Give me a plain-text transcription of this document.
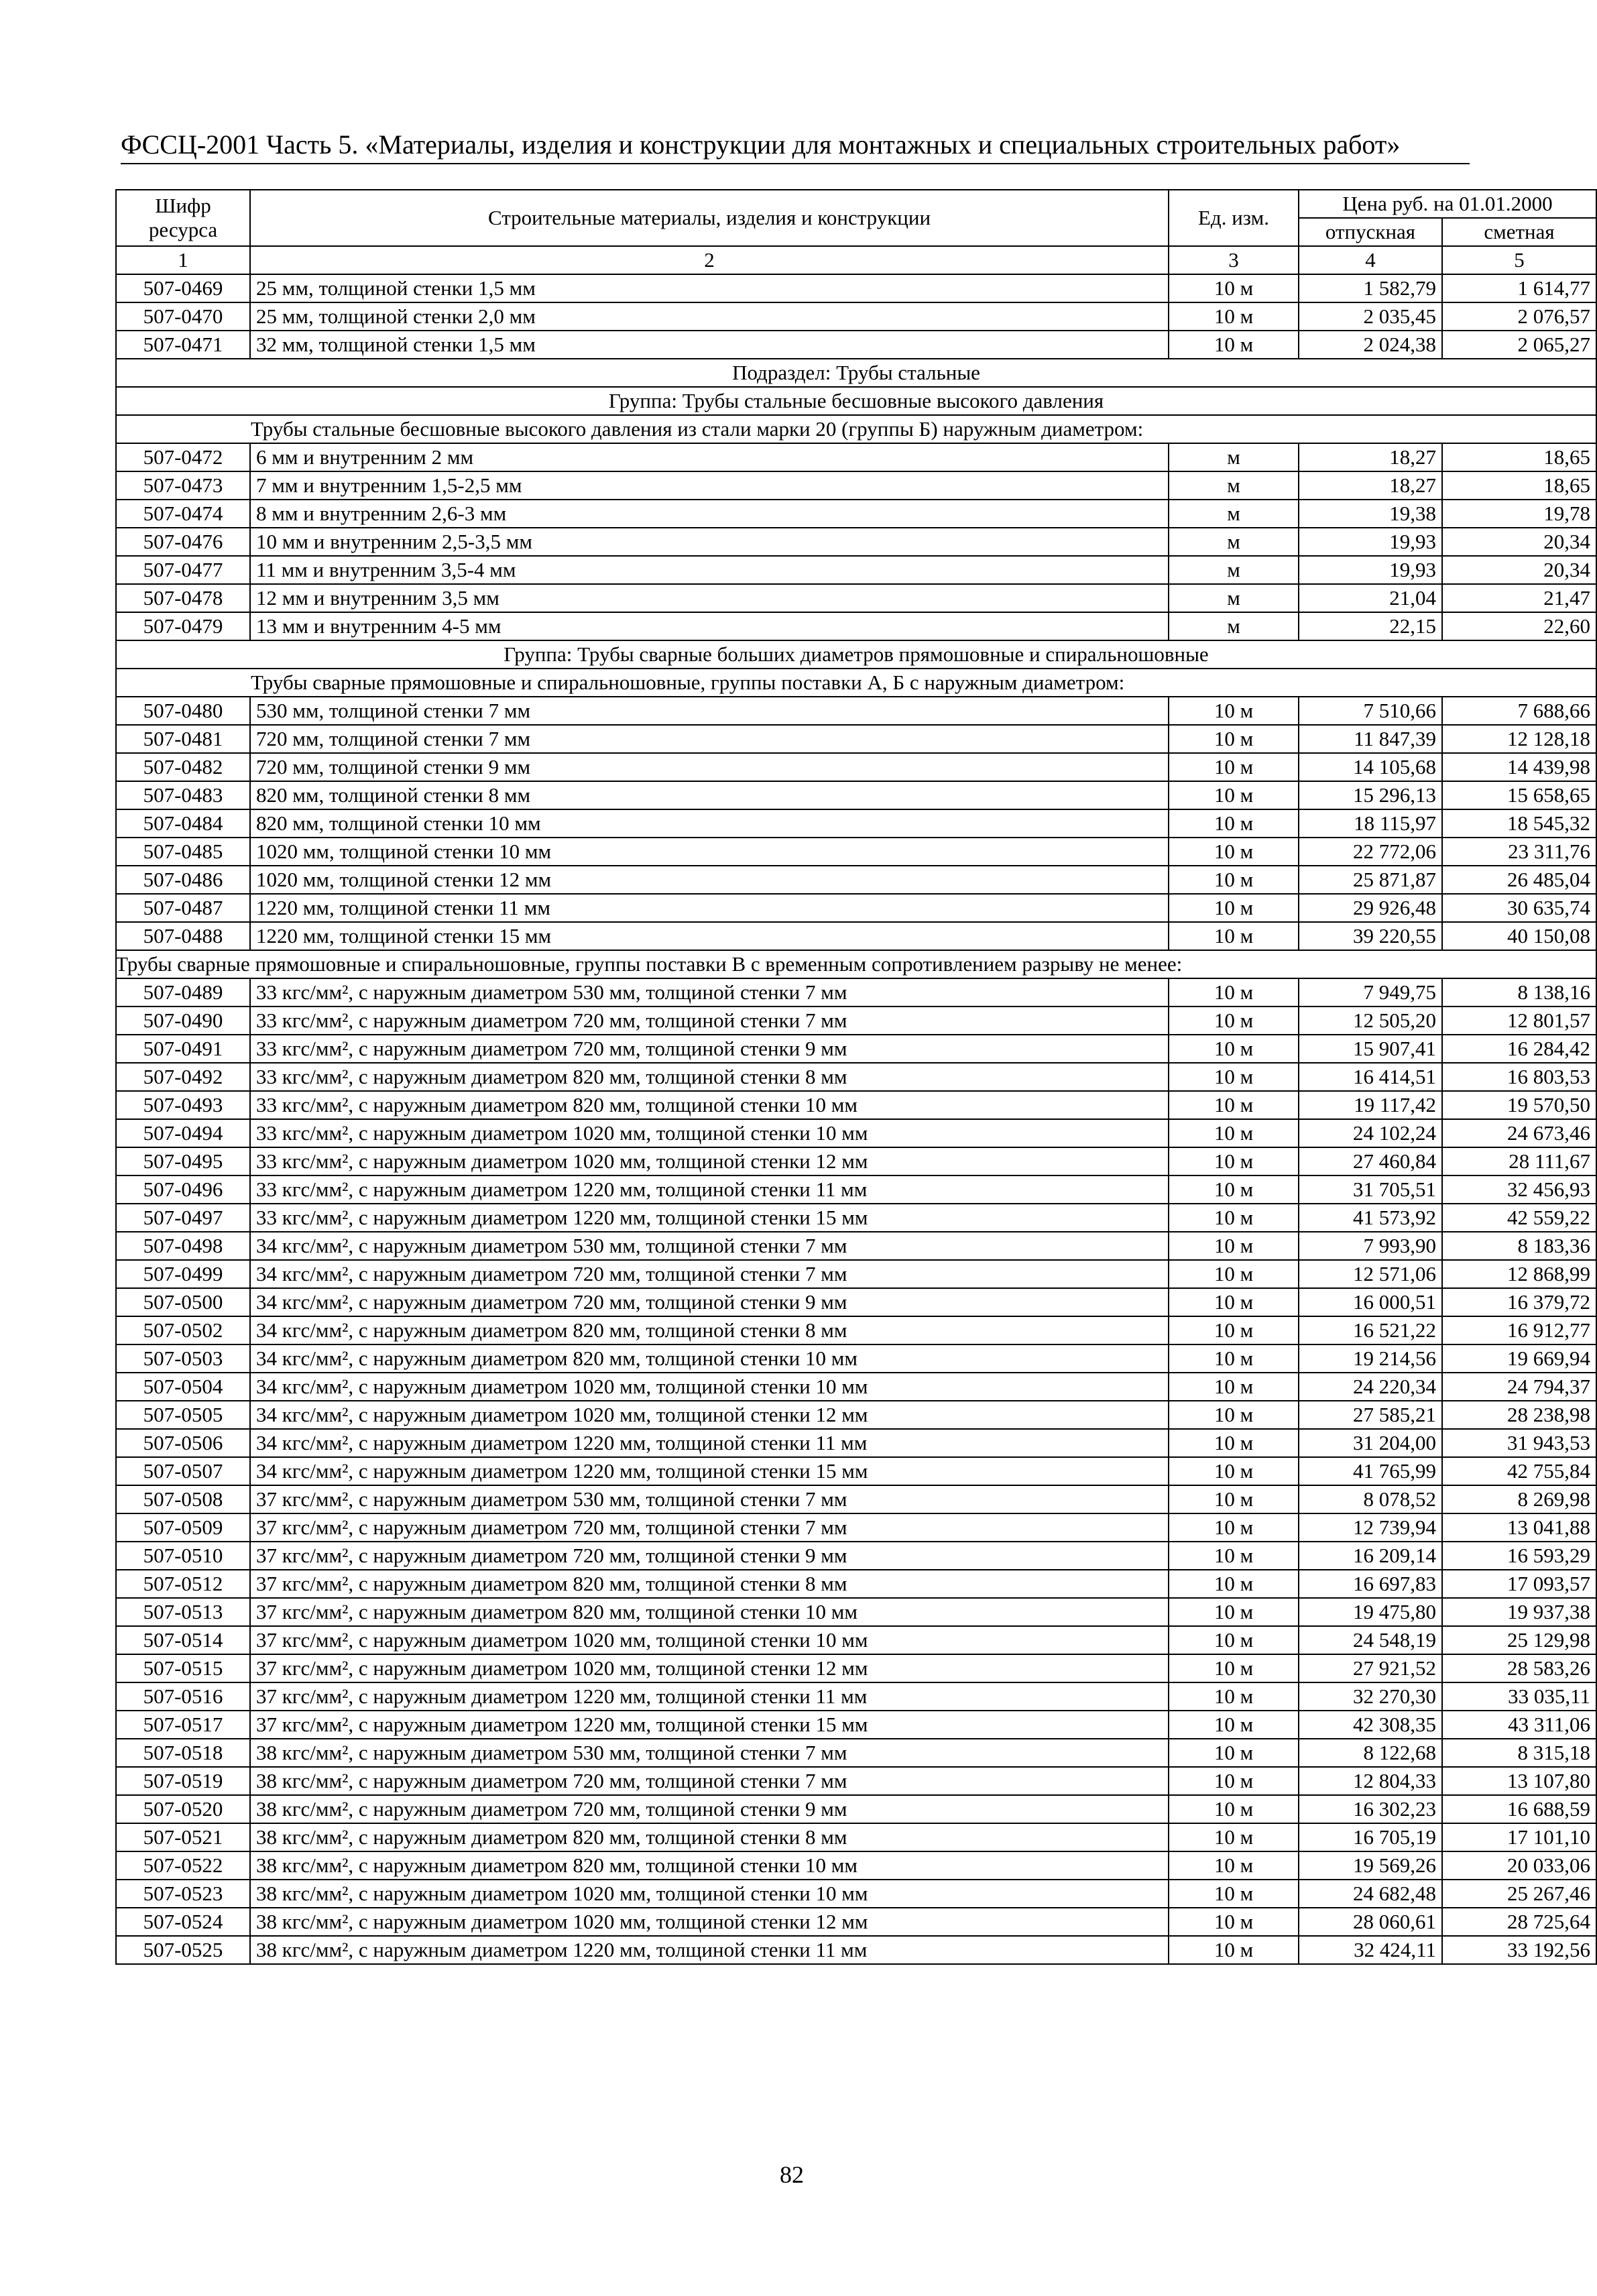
ФССЦ-2001 Часть 5. «Материалы, изделия и конструкции для монтажных и специальных строительных работ»
Шифр ресурса	Строительные материалы, изделия и конструкции	Ед. изм.	Цена руб. на 01.01.2000	
			отпускная	сметная
1	2	3	4	5
507-0469	25 мм, толщиной стенки 1,5 мм	10 м	1 582,79	1 614,77
507-0470	25 мм, толщиной стенки 2,0 мм	10 м	2 035,45	2 076,57
507-0471	32 мм, толщиной стенки 1,5 мм	10 м	2 024,38	2 065,27
Подраздел: Трубы стальные				
Группа: Трубы стальные бесшовные высокого давления				
Трубы стальные бесшовные высокого давления из стали марки 20 (группы Б) наружным диаметром:				
507-0472	6 мм и внутренним 2 мм	м	18,27	18,65
507-0473	7 мм и внутренним 1,5-2,5 мм	м	18,27	18,65
507-0474	8 мм и внутренним 2,6-3 мм	м	19,38	19,78
507-0476	10 мм и внутренним 2,5-3,5 мм	м	19,93	20,34
507-0477	11 мм и внутренним 3,5-4 мм	м	19,93	20,34
507-0478	12 мм и внутренним 3,5 мм	м	21,04	21,47
507-0479	13 мм и внутренним 4-5 мм	м	22,15	22,60
Группа: Трубы сварные больших диаметров прямошовные и спиральношовные				
Трубы сварные прямошовные и спиральношовные, группы поставки А, Б с наружным диаметром:				
507-0480	530 мм, толщиной стенки 7 мм	10 м	7 510,66	7 688,66
507-0481	720 мм, толщиной стенки 7 мм	10 м	11 847,39	12 128,18
507-0482	720 мм, толщиной стенки 9 мм	10 м	14 105,68	14 439,98
507-0483	820 мм, толщиной стенки 8 мм	10 м	15 296,13	15 658,65
507-0484	820 мм, толщиной стенки 10 мм	10 м	18 115,97	18 545,32
507-0485	1020 мм, толщиной стенки 10 мм	10 м	22 772,06	23 311,76
507-0486	1020 мм, толщиной стенки 12 мм	10 м	25 871,87	26 485,04
507-0487	1220 мм, толщиной стенки 11 мм	10 м	29 926,48	30 635,74
507-0488	1220 мм, толщиной стенки 15 мм	10 м	39 220,55	40 150,08
Трубы сварные прямошовные и спиральношовные, группы поставки В с временным сопротивлением разрыву не менее:				
507-0489	33 кгс/мм², с наружным диаметром 530 мм, толщиной стенки 7 мм	10 м	7 949,75	8 138,16
507-0490	33 кгс/мм², с наружным диаметром 720 мм, толщиной стенки 7 мм	10 м	12 505,20	12 801,57
507-0491	33 кгс/мм², с наружным диаметром 720 мм, толщиной стенки 9 мм	10 м	15 907,41	16 284,42
507-0492	33 кгс/мм², с наружным диаметром 820 мм, толщиной стенки 8 мм	10 м	16 414,51	16 803,53
507-0493	33 кгс/мм², с наружным диаметром 820 мм, толщиной стенки 10 мм	10 м	19 117,42	19 570,50
507-0494	33 кгс/мм², с наружным диаметром 1020 мм, толщиной стенки 10 мм	10 м	24 102,24	24 673,46
507-0495	33 кгс/мм², с наружным диаметром 1020 мм, толщиной стенки 12 мм	10 м	27 460,84	28 111,67
507-0496	33 кгс/мм², с наружным диаметром 1220 мм, толщиной стенки 11 мм	10 м	31 705,51	32 456,93
507-0497	33 кгс/мм², с наружным диаметром 1220 мм, толщиной стенки 15 мм	10 м	41 573,92	42 559,22
507-0498	34 кгс/мм², с наружным диаметром 530 мм, толщиной стенки 7 мм	10 м	7 993,90	8 183,36
507-0499	34 кгс/мм², с наружным диаметром 720 мм, толщиной стенки 7 мм	10 м	12 571,06	12 868,99
507-0500	34 кгс/мм², с наружным диаметром 720 мм, толщиной стенки 9 мм	10 м	16 000,51	16 379,72
507-0502	34 кгс/мм², с наружным диаметром 820 мм, толщиной стенки 8 мм	10 м	16 521,22	16 912,77
507-0503	34 кгс/мм², с наружным диаметром 820 мм, толщиной стенки 10 мм	10 м	19 214,56	19 669,94
507-0504	34 кгс/мм², с наружным диаметром 1020 мм, толщиной стенки 10 мм	10 м	24 220,34	24 794,37
507-0505	34 кгс/мм², с наружным диаметром 1020 мм, толщиной стенки 12 мм	10 м	27 585,21	28 238,98
507-0506	34 кгс/мм², с наружным диаметром 1220 мм, толщиной стенки 11 мм	10 м	31 204,00	31 943,53
507-0507	34 кгс/мм², с наружным диаметром 1220 мм, толщиной стенки 15 мм	10 м	41 765,99	42 755,84
507-0508	37 кгс/мм², с наружным диаметром 530 мм, толщиной стенки 7 мм	10 м	8 078,52	8 269,98
507-0509	37 кгс/мм², с наружным диаметром 720 мм, толщиной стенки 7 мм	10 м	12 739,94	13 041,88
507-0510	37 кгс/мм², с наружным диаметром 720 мм, толщиной стенки 9 мм	10 м	16 209,14	16 593,29
507-0512	37 кгс/мм², с наружным диаметром 820 мм, толщиной стенки 8 мм	10 м	16 697,83	17 093,57
507-0513	37 кгс/мм², с наружным диаметром 820 мм, толщиной стенки 10 мм	10 м	19 475,80	19 937,38
507-0514	37 кгс/мм², с наружным диаметром 1020 мм, толщиной стенки 10 мм	10 м	24 548,19	25 129,98
507-0515	37 кгс/мм², с наружным диаметром 1020 мм, толщиной стенки 12 мм	10 м	27 921,52	28 583,26
507-0516	37 кгс/мм², с наружным диаметром 1220 мм, толщиной стенки 11 мм	10 м	32 270,30	33 035,11
507-0517	37 кгс/мм², с наружным диаметром 1220 мм, толщиной стенки 15 мм	10 м	42 308,35	43 311,06
507-0518	38 кгс/мм², с наружным диаметром 530 мм, толщиной стенки 7 мм	10 м	8 122,68	8 315,18
507-0519	38 кгс/мм², с наружным диаметром 720 мм, толщиной стенки 7 мм	10 м	12 804,33	13 107,80
507-0520	38 кгс/мм², с наружным диаметром 720 мм, толщиной стенки 9 мм	10 м	16 302,23	16 688,59
507-0521	38 кгс/мм², с наружным диаметром 820 мм, толщиной стенки 8 мм	10 м	16 705,19	17 101,10
507-0522	38 кгс/мм², с наружным диаметром 820 мм, толщиной стенки 10 мм	10 м	19 569,26	20 033,06
507-0523	38 кгс/мм², с наружным диаметром 1020 мм, толщиной стенки 10 мм	10 м	24 682,48	25 267,46
507-0524	38 кгс/мм², с наружным диаметром 1020 мм, толщиной стенки 12 мм	10 м	28 060,61	28 725,64
507-0525	38 кгс/мм², с наружным диаметром 1220 мм, толщиной стенки 11 мм	10 м	32 424,11	33 192,56
82
